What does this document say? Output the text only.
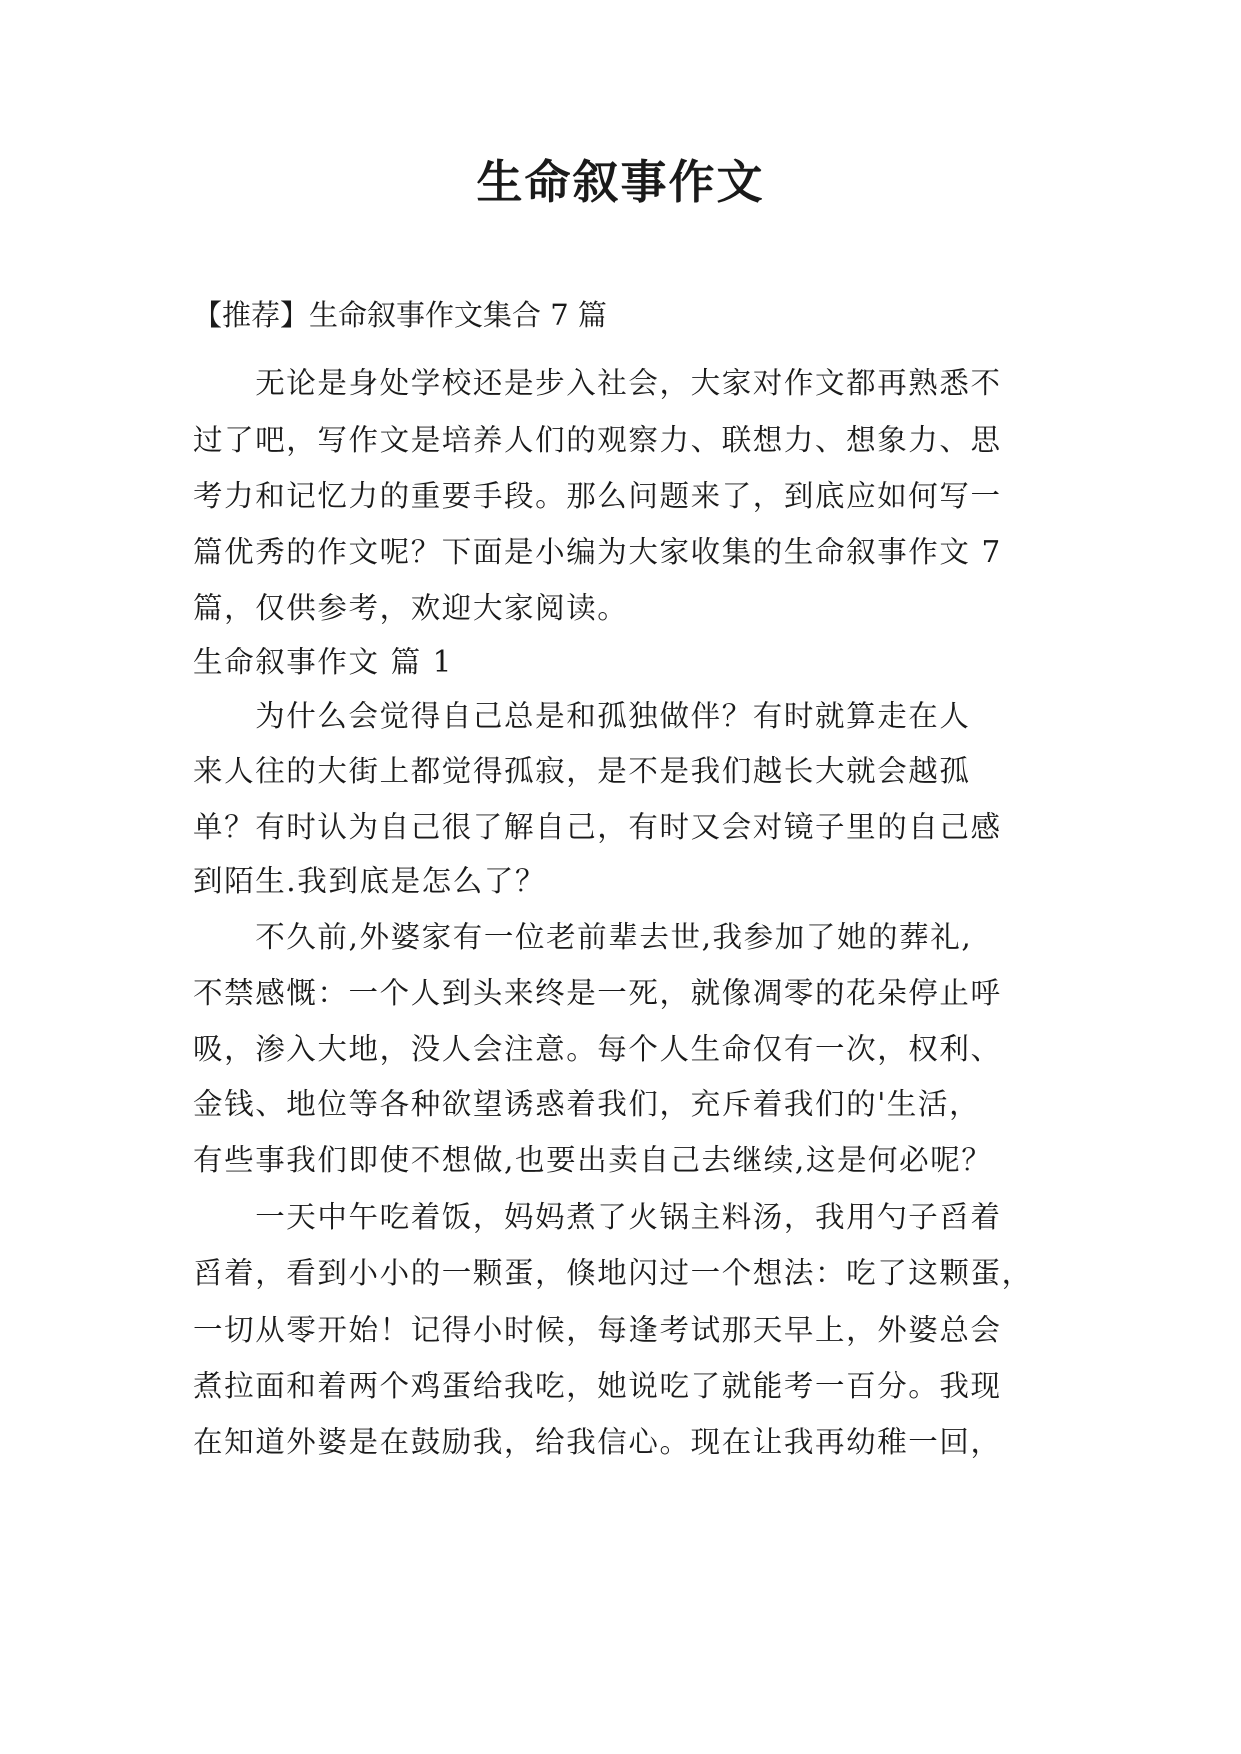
生命叙事作文
【推荐】生命叙事作文集合 7 篇
　　无论是身处学校还是步入社会，大家对作文都再熟悉不
过了吧，写作文是培养人们的观察力、联想力、想象力、思
考力和记忆力的重要手段。那么问题来了，到底应如何写一
篇优秀的作文呢？下面是小编为大家收集的生命叙事作文 7
篇，仅供参考，欢迎大家阅读。
生命叙事作文 篇 1
　　为什么会觉得自己总是和孤独做伴？有时就算走在人
来人往的大街上都觉得孤寂，是不是我们越长大就会越孤
单？有时认为自己很了解自己，有时又会对镜子里的自己感
到陌生.我到底是怎么了？
　　不久前,外婆家有一位老前辈去世,我参加了她的葬礼,
不禁感慨：一个人到头来终是一死，就像凋零的花朵停止呼
吸，渗入大地，没人会注意。每个人生命仅有一次，权利、
金钱、地位等各种欲望诱惑着我们，充斥着我们的'生活，
有些事我们即使不想做,也要出卖自己去继续,这是何必呢？
　　一天中午吃着饭，妈妈煮了火锅主料汤，我用勺子舀着
舀着，看到小小的一颗蛋，倏地闪过一个想法：吃了这颗蛋，
一切从零开始！记得小时候，每逢考试那天早上，外婆总会
煮拉面和着两个鸡蛋给我吃，她说吃了就能考一百分。我现
在知道外婆是在鼓励我，给我信心。现在让我再幼稚一回，
